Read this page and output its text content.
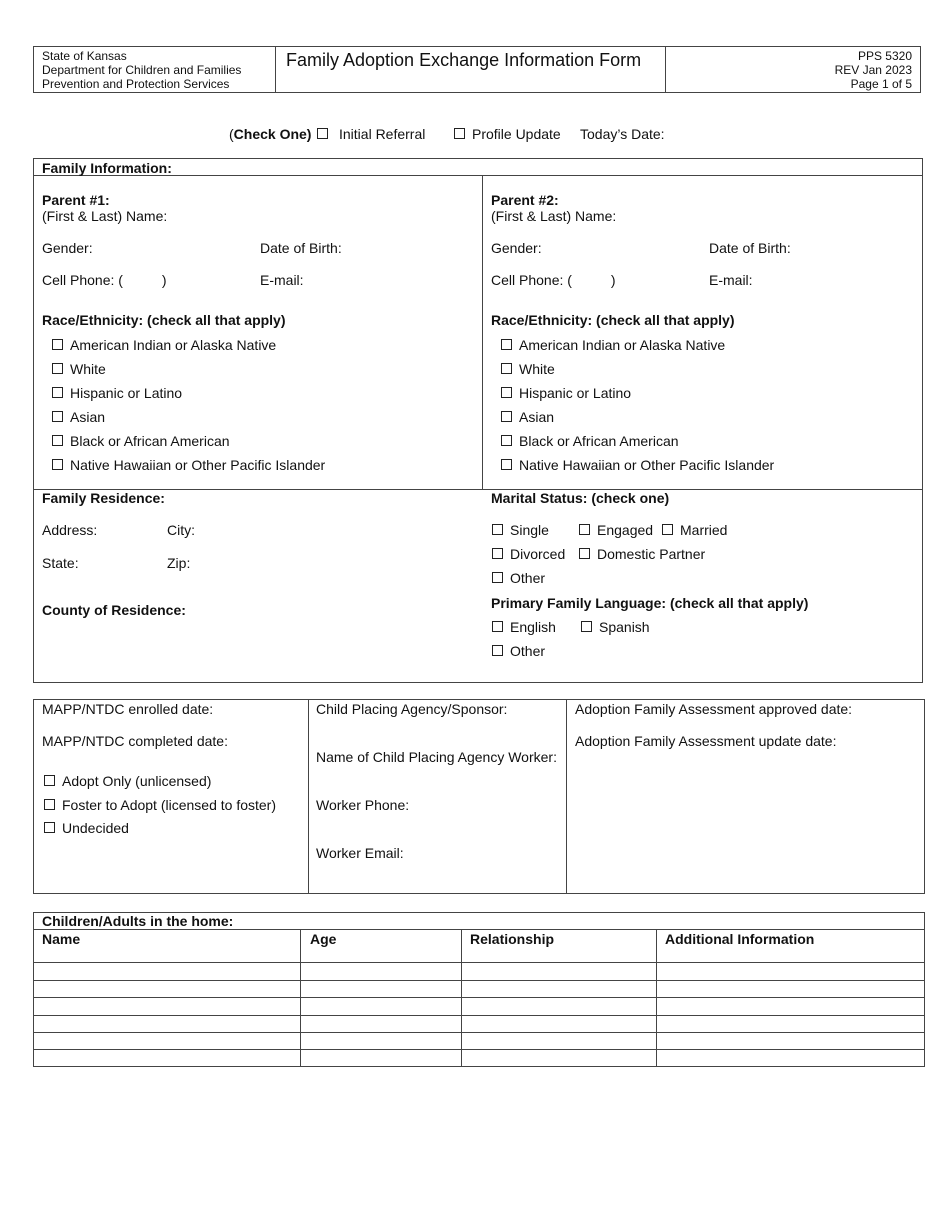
State of Kansas
Department for Children and Families
Prevention and Protection Services
Family Adoption Exchange Information Form	PPS 5320
REV Jan 2023
Page 1 of 5
(Check One) Initial Referral	Profile Update Today’s Date:
Family Information:
Parent #1:
(First & Last) Name:
Gender:	Date of Birth:
Cell Phone: (          )	E-mail:
Race/Ethnicity: (check all that apply)
American Indian or Alaska Native
White
Hispanic or Latino
Asian
Black or African American
Native Hawaiian or Other Pacific Islander
Parent #2:
(First & Last) Name:
Gender:	Date of Birth:
Cell Phone: (          )	E-mail:
Race/Ethnicity: (check all that apply)
American Indian or Alaska Native
White
Hispanic or Latino
Asian
Black or African American
Native Hawaiian or Other Pacific Islander
Family Residence:
Address:	City:
State:	Zip:
County of Residence:
Marital Status: (check one)
Single	Engaged Married
Divorced Domestic Partner
Other
Primary Family Language: (check all that apply)
English	Spanish
Other
MAPP/NTDC enrolled date:
MAPP/NTDC completed date:
Adopt Only (unlicensed)
Foster to Adopt (licensed to foster)
Undecided
Child Placing Agency/Sponsor:
Name of Child Placing Agency Worker:
Worker Phone:
Worker Email:
Adoption Family Assessment approved date:
Adoption Family Assessment update date:
Children/Adults in the home:
Name	Age	Relationship	Additional Information
